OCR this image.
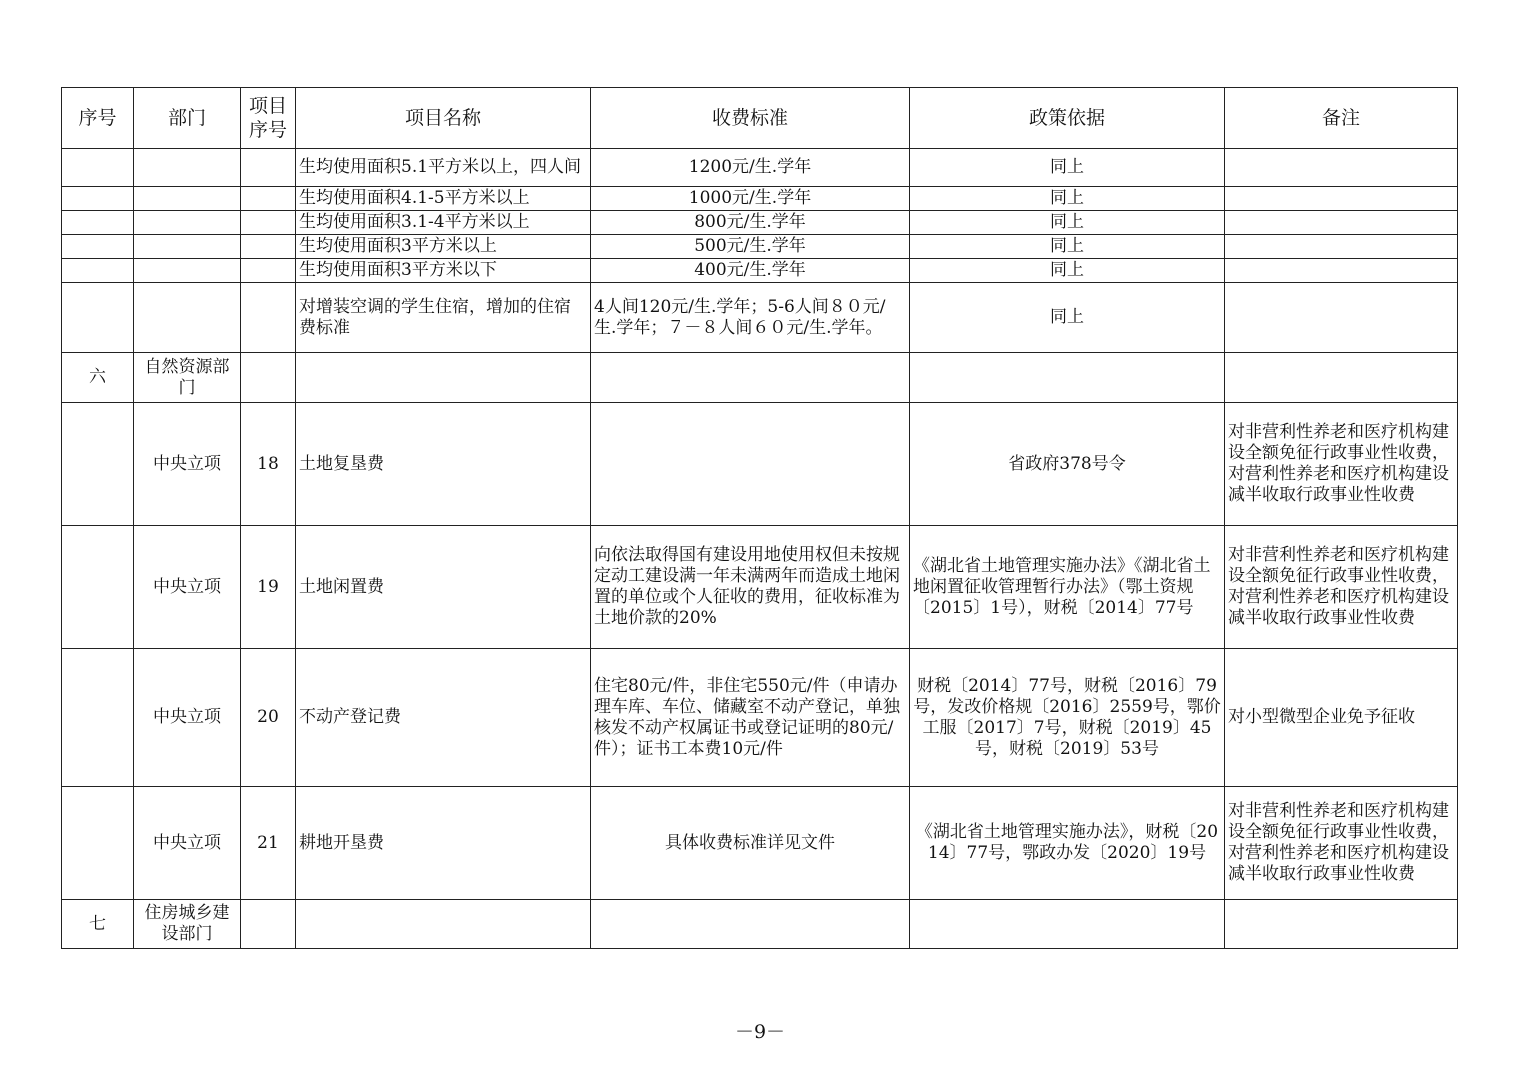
序号	部门	项目序号	项目名称	收费标准	政策依据	备注
			生均使用面积5.1平方米以上，四人间	1200元/生.学年	同上	
			生均使用面积4.1-5平方米以上	1000元/生.学年	同上	
			生均使用面积3.1-4平方米以上	800元/生.学年	同上	
			生均使用面积3平方米以上	500元/生.学年	同上	
			生均使用面积3平方米以下	400元/生.学年	同上	
			对增装空调的学生住宿，增加的住宿费标准	4人间120元/生.学年；5-6人间８０元/生.学年；７－８人间６０元/生.学年。	同上	
六	自然资源部门					
	中央立项	18	土地复垦费		省政府378号令	对非营利性养老和医疗机构建设全额免征行政事业性收费，对营利性养老和医疗机构建设减半收取行政事业性收费
	中央立项	19	土地闲置费	向依法取得国有建设用地使用权但未按规定动工建设满一年未满两年而造成土地闲置的单位或个人征收的费用，征收标准为土地价款的20%	《湖北省土地管理实施办法》《湖北省土地闲置征收管理暂行办法》（鄂土资规〔2015〕1号），财税〔2014〕77号	对非营利性养老和医疗机构建设全额免征行政事业性收费，对营利性养老和医疗机构建设减半收取行政事业性收费
	中央立项	20	不动产登记费	住宅80元/件，非住宅550元/件（申请办理车库、车位、储藏室不动产登记，单独核发不动产权属证书或登记证明的80元/件）；证书工本费10元/件	财税〔2014〕77号，财税〔2016〕79号，发改价格规〔2016〕2559号，鄂价工服〔2017〕7号，财税〔2019〕45号，财税〔2019〕53号	对小型微型企业免予征收
	中央立项	21	耕地开垦费	具体收费标准详见文件	《湖北省土地管理实施办法》，财税〔2014〕77号，鄂政办发〔2020〕19号	对非营利性养老和医疗机构建设全额免征行政事业性收费，对营利性养老和医疗机构建设减半收取行政事业性收费
七	住房城乡建设部门					
－9－
